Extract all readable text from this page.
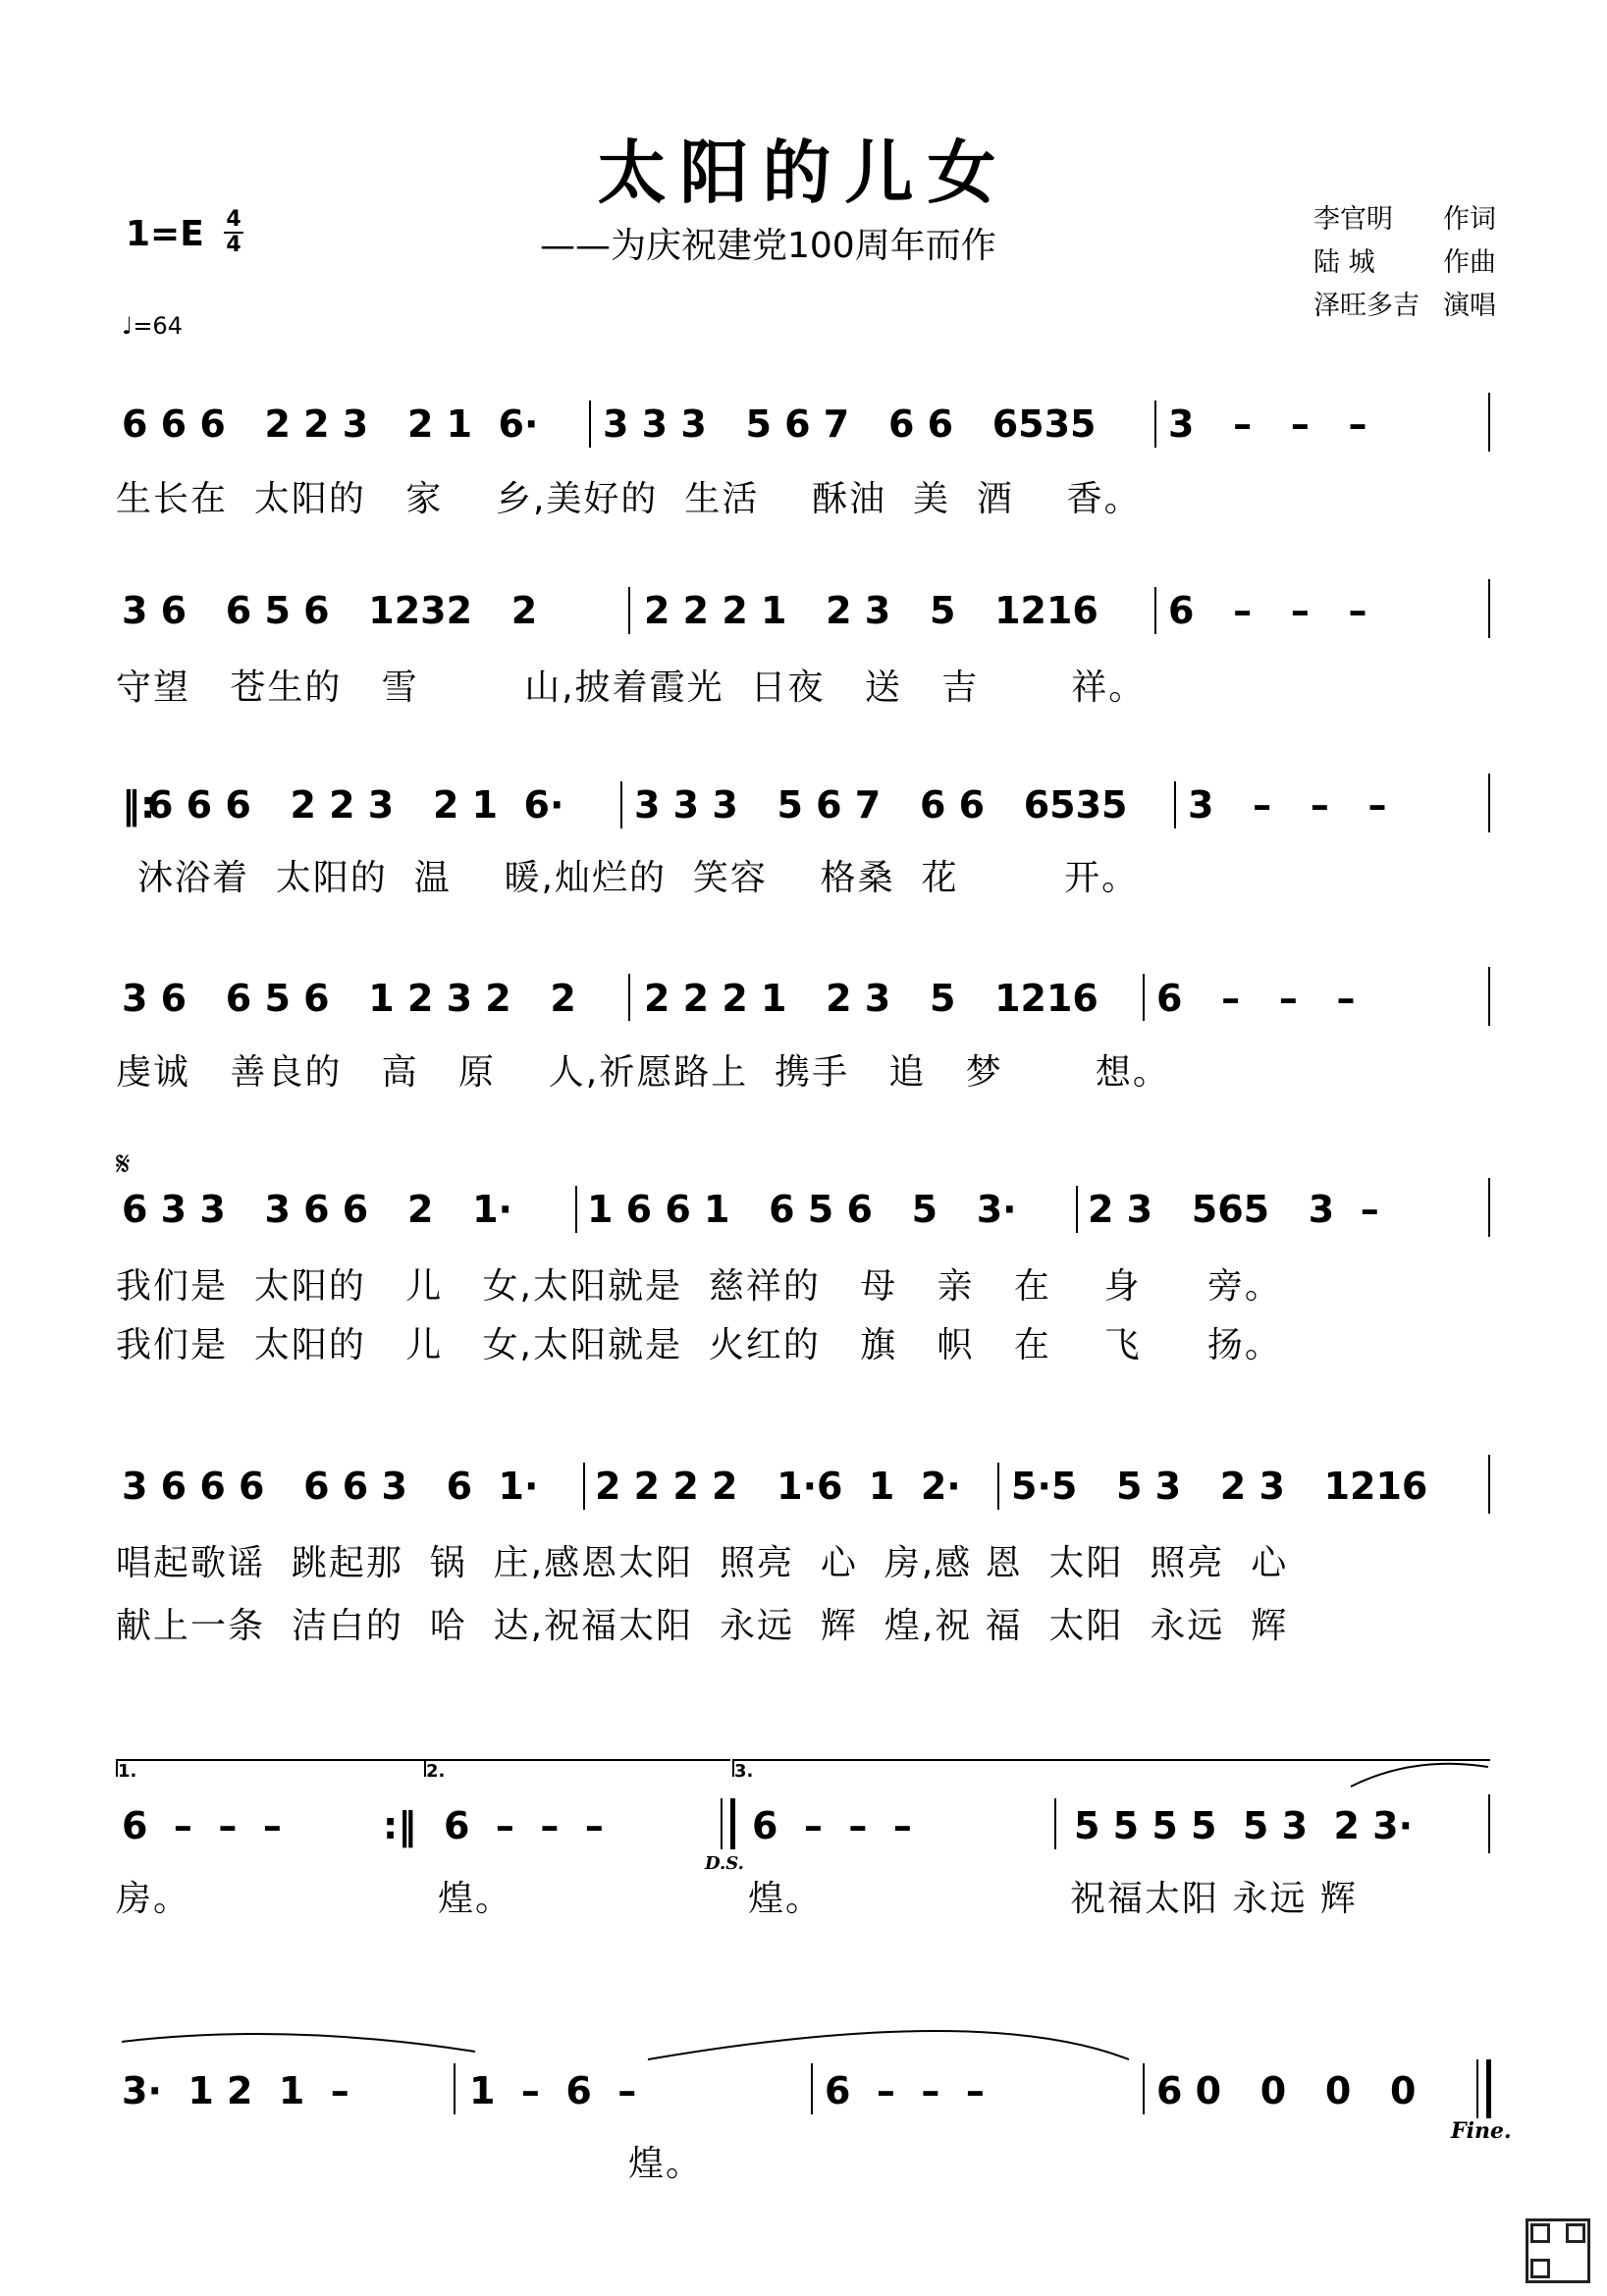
太阳的儿女
——为庆祝建党100周年而作
1=E 4
4
♩=64
李官明 作词
陆 城	作曲
泽旺多吉 演唱
6 6 6   2 2 3   2 1  6· 3 3 3   5 6 7   6 6   6535 3   –   –   –
生长在  太阳的   家    乡,美好的  生活    酥油  美  酒    香。
3 6   6 5 6   1232   2	2 2 2 1   2 3   5   1216 6   –   –   –
守望   苍生的   雪        山,披着霞光  日夜   送   吉       祥。
‖:
6 6 6   2 2 3   2 1  6· 3 3 3   5 6 7   6 6   6535 3   –   –   –
沐浴着  太阳的  温    暖,灿烂的  笑容    格桑  花        开。
3 6   6 5 6   1 2 3 2   2 2 2 2 1   2 3   5   1216 6   –   –   –
虔诚   善良的   高   原    人,祈愿路上  携手   追   梦       想。
𝄋
6 3 3   3 6 6   2   1· 1 6 6 1   6 5 6   5   3· 2 3   565   3  –
我们是  太阳的   儿   女,太阳就是  慈祥的   母   亲   在    身     旁。
我们是  太阳的   儿   女,太阳就是  火红的   旗   帜   在    飞     扬。
3 6 6 6   6 6 3   6  1· 2 2 2 2   1·6  1  2· 5·5   5 3   2 3   1216
唱起歌谣  跳起那  锅  庄,感恩太阳  照亮  心  房,感 恩  太阳  照亮  心
献上一条  洁白的  哈  达,祝福太阳  永远  辉  煌,祝 福  太阳  永远  辉
1.	2.	3.
6  –  –  –	:‖ 6  –  –  –
D.S.
6  –  –  –	5 5 5 5  5 3  2 3·
房。	煌。	煌。	祝福太阳 永远 辉
3·  1 2  1  –	1  –  6  –	6  –  –  –	6 0   0   0   0
Fine.
煌。
